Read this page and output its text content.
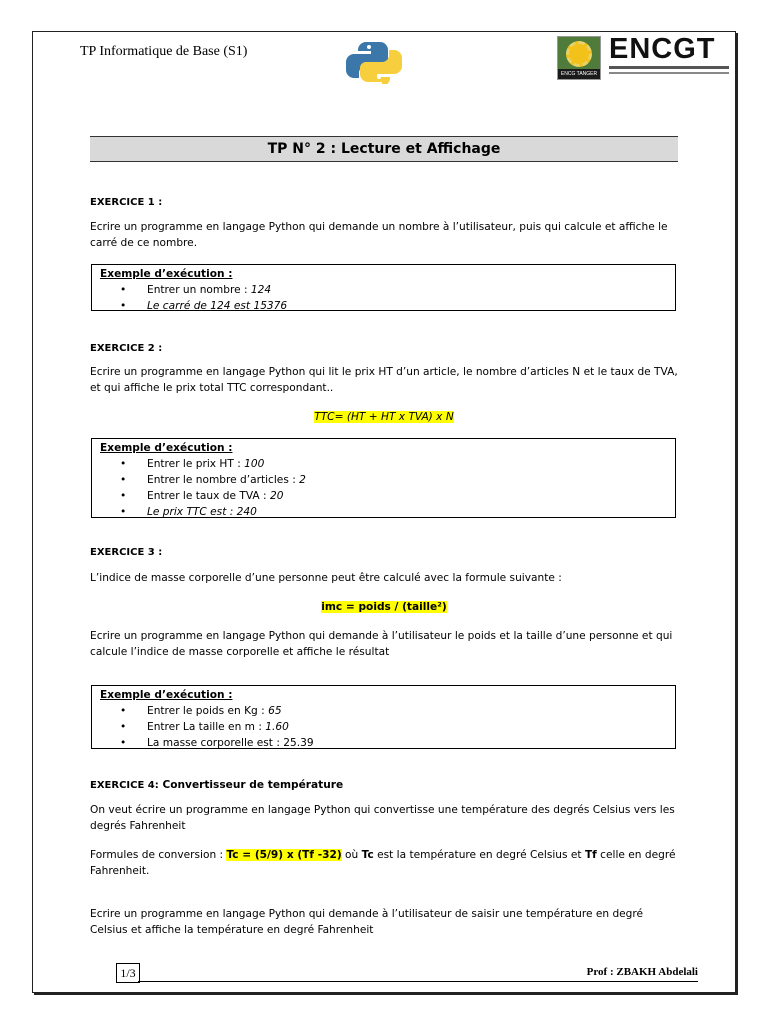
TP Informatique de Base (S1)
ENCG TANGER
ENCGT
TP N° 2 : Lecture et Affichage
EXERCICE 1 :
Ecrire un programme en langage Python qui demande un nombre à l’utilisateur, puis qui calcule et affiche le carré de ce nombre.
Exemple d’exécution :
• Entrer un nombre : 124
• Le carré de 124 est 15376
EXERCICE 2 :
Ecrire un programme en langage Python qui lit le prix HT d’un article, le nombre d’articles N et le taux de TVA, et qui affiche le prix total TTC correspondant..
TTC= (HT + HT x TVA) x N
Exemple d’exécution :
• Entrer le prix HT : 100
• Entrer le nombre d’articles : 2
• Entrer le taux de TVA : 20
• Le prix TTC est : 240
EXERCICE 3 :
L’indice de masse corporelle d’une personne peut être calculé avec la formule suivante :
imc = poids / (taille²)
Ecrire un programme en langage Python qui demande à l’utilisateur le poids et la taille d’une personne et qui calcule l’indice de masse corporelle et affiche le résultat
Exemple d’exécution :
• Entrer le poids en Kg : 65
• Entrer La taille en m : 1.60
• La masse corporelle est : 25.39
EXERCICE 4: Convertisseur de température
On veut écrire un programme en langage Python qui convertisse une température des degrés Celsius vers les degrés Fahrenheit
Formules de conversion : Tc = (5/9) x (Tf -32) où Tc est la température en degré Celsius et Tf celle en degré Fahrenheit.
Ecrire un programme en langage Python qui demande à l’utilisateur de saisir une température en degré Celsius et affiche la température en degré Fahrenheit
1/3	Prof : ZBAKH Abdelali
